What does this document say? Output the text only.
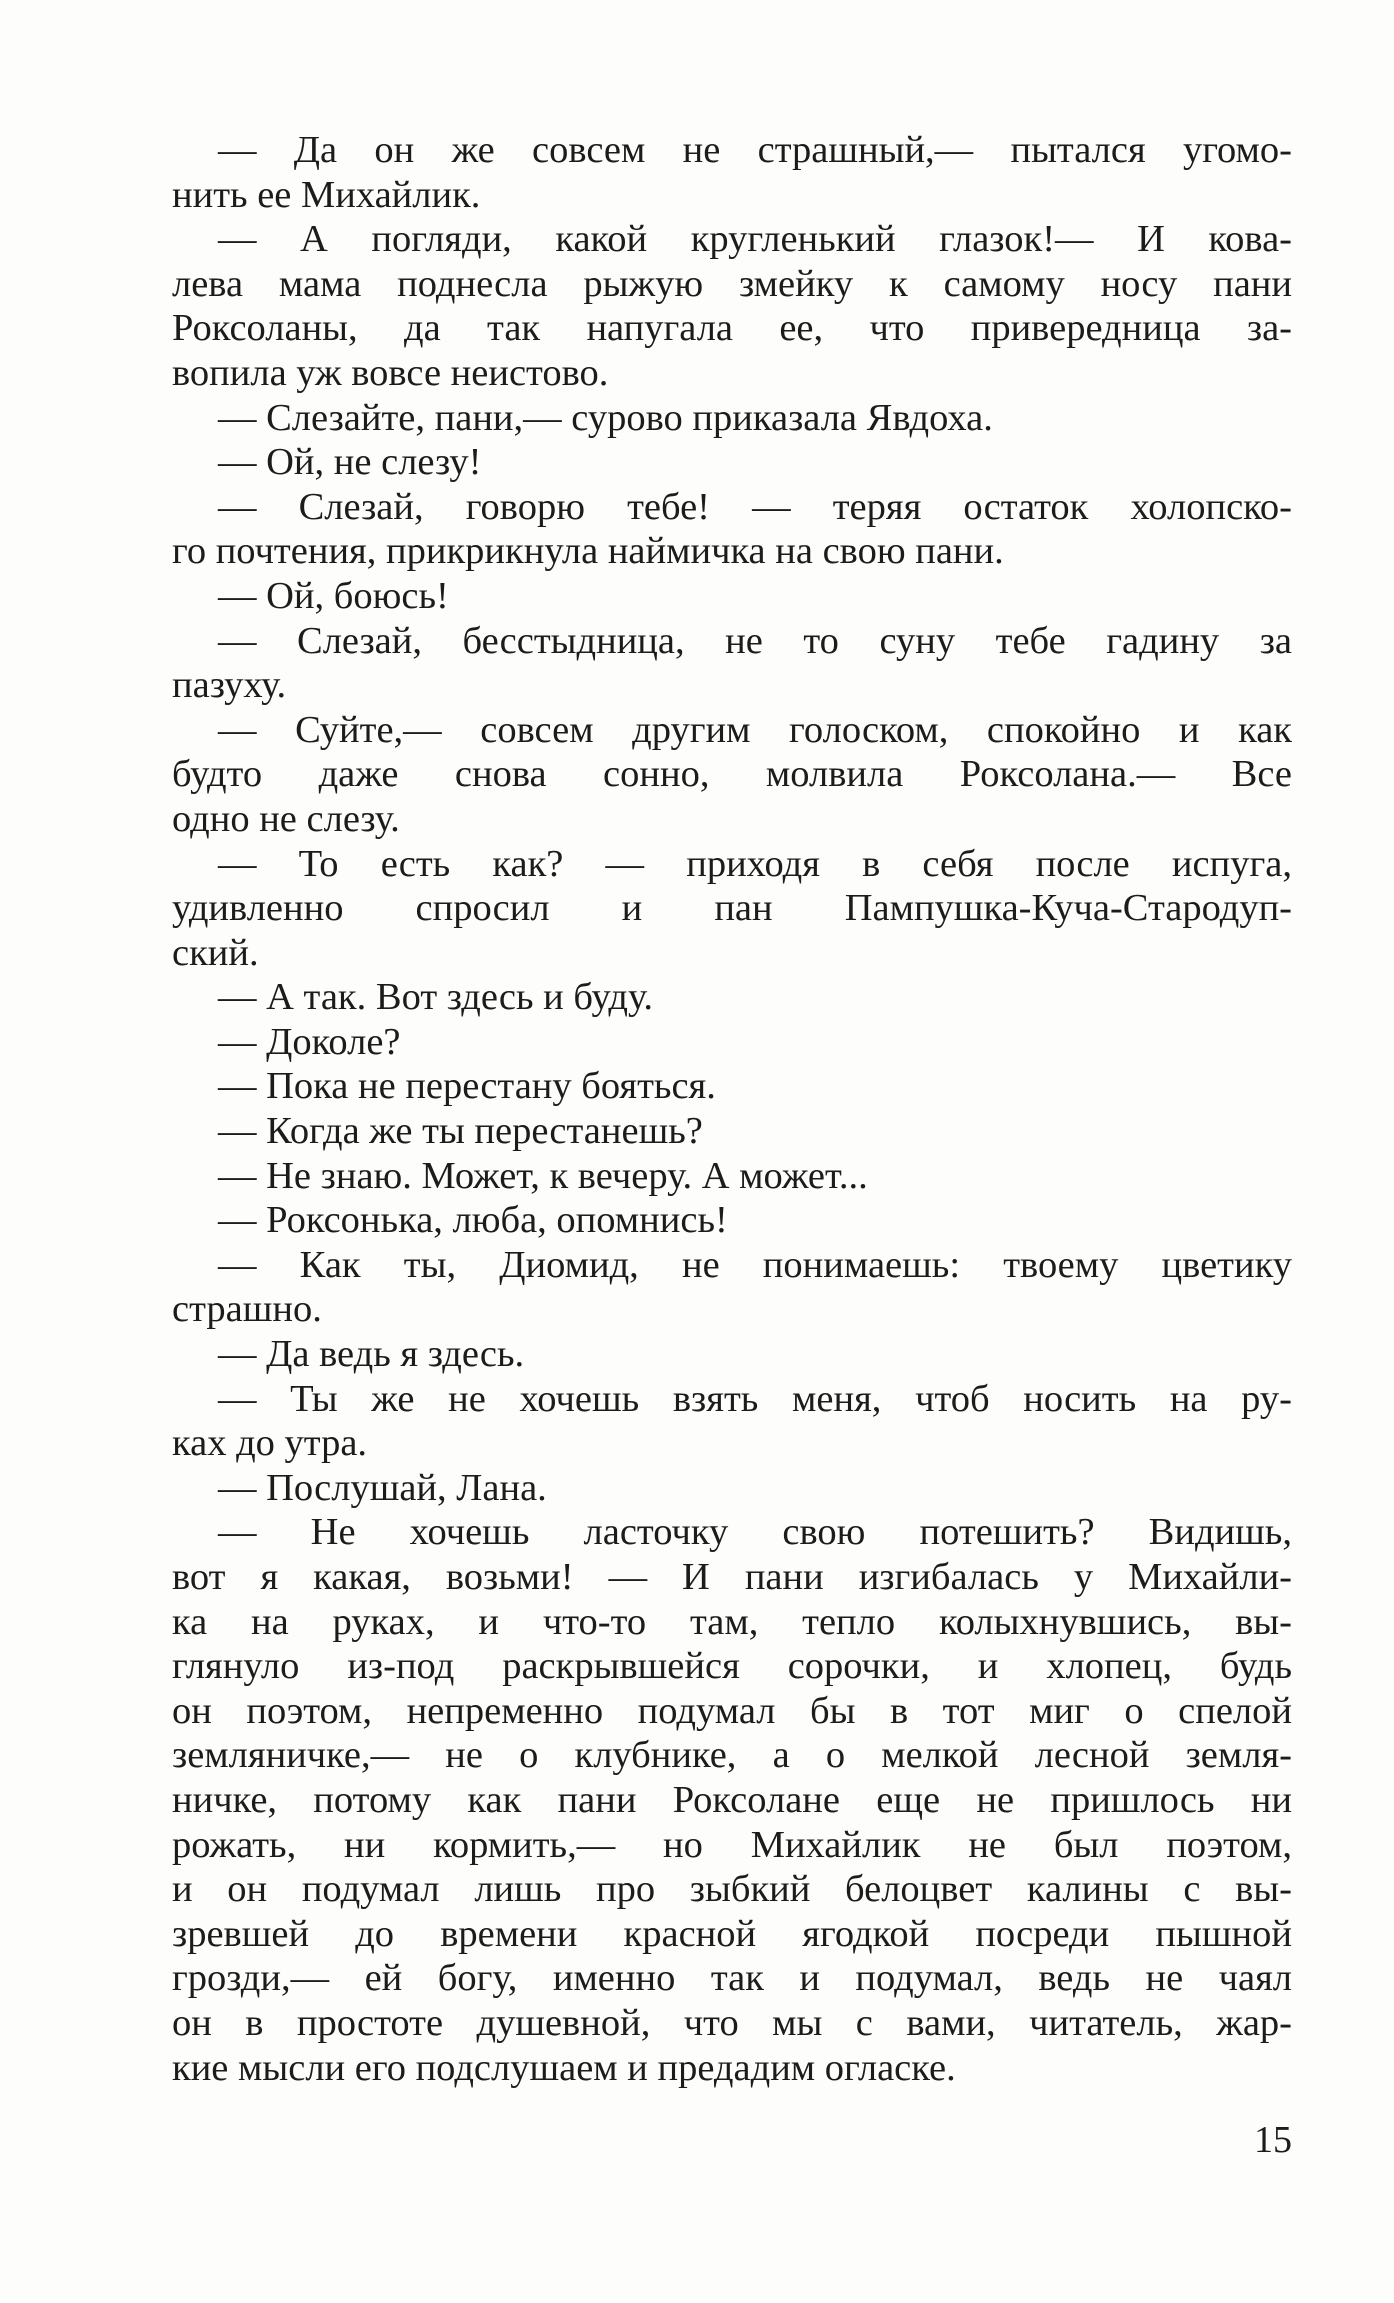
— Да он же совсем не страшный,— пытался угомо-
нить ее Михайлик.
— А погляди, какой кругленький глазок!— И кова-
лева мама поднесла рыжую змейку к самому носу пани
Роксоланы, да так напугала ее, что привередница за-
вопила уж вовсе неистово.
— Слезайте, пани,— сурово приказала Явдоха.
— Ой, не слезу!
— Слезай, говорю тебе! — теряя остаток холопско-
го почтения, прикрикнула наймичка на свою пани.
— Ой, боюсь!
— Слезай, бесстыдница, не то суну тебе гадину за
пазуху.
— Суйте,— совсем другим голоском, спокойно и как
будто даже снова сонно, молвила Роксолана.— Все
одно не слезу.
— То есть как? — приходя в себя после испуга,
удивленно спросил и пан Пампушка-Куча-Стародуп-
ский.
— А так. Вот здесь и буду.
— Доколе?
— Пока не перестану бояться.
— Когда же ты перестанешь?
— Не знаю. Может, к вечеру. А может...
— Роксонька, люба, опомнись!
— Как ты, Диомид, не понимаешь: твоему цветику
страшно.
— Да ведь я здесь.
— Ты же не хочешь взять меня, чтоб носить на ру-
ках до утра.
— Послушай, Лана.
— Не хочешь ласточку свою потешить? Видишь,
вот я какая, возьми! — И пани изгибалась у Михайли-
ка на руках, и что-то там, тепло колыхнувшись, вы-
глянуло из-под раскрывшейся сорочки, и хлопец, будь
он поэтом, непременно подумал бы в тот миг о спелой
земляничке,— не о клубнике, а о мелкой лесной земля-
ничке, потому как пани Роксолане еще не пришлось ни
рожать, ни кормить,— но Михайлик не был поэтом,
и он подумал лишь про зыбкий белоцвет калины с вы-
зревшей до времени красной ягодкой посреди пышной
грозди,— ей богу, именно так и подумал, ведь не чаял
он в простоте душевной, что мы с вами, читатель, жар-
кие мысли его подслушаем и предадим огласке.
15
